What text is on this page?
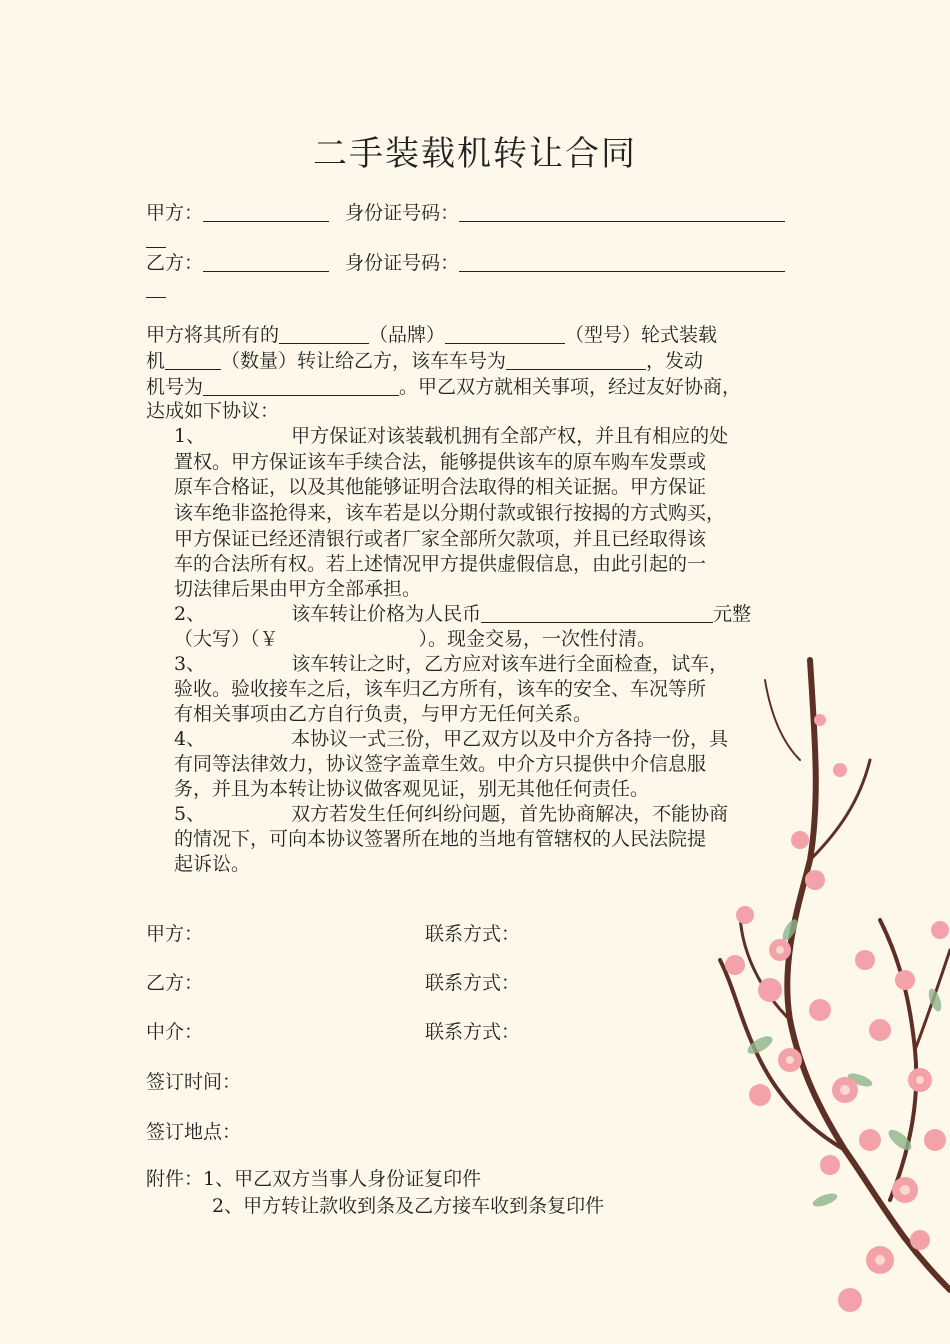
二手装载机转让合同
甲方：	身份证号码：
乙方：	身份证号码：
甲方将其所有的	（品牌）	（型号）轮式装载
机	（数量）转让给乙方，该车车号为	，发动
机号为	。甲乙双方就相关事项，经过友好协商，
达成如下协议：
1、	甲方保证对该装载机拥有全部产权，并且有相应的处
置权。甲方保证该车手续合法，能够提供该车的原车购车发票或
原车合格证，以及其他能够证明合法取得的相关证据。甲方保证
该车绝非盗抢得来，该车若是以分期付款或银行按揭的方式购买，
甲方保证已经还清银行或者厂家全部所欠款项，并且已经取得该
车的合法所有权。若上述情况甲方提供虚假信息，由此引起的一
切法律后果由甲方全部承担。
2、	该车转让价格为人民币	元整
（大写）（￥	）。现金交易，一次性付清。
3、	该车转让之时，乙方应对该车进行全面检查，试车，
验收。验收接车之后，该车归乙方所有，该车的安全、车况等所
有相关事项由乙方自行负责，与甲方无任何关系。
4、	本协议一式三份，甲乙双方以及中介方各持一份，具
有同等法律效力，协议签字盖章生效。中介方只提供中介信息服
务，并且为本转让协议做客观见证，别无其他任何责任。
5、	双方若发生任何纠纷问题，首先协商解决，不能协商
的情况下，可向本协议签署所在地的当地有管辖权的人民法院提
起诉讼。
甲方：	联系方式：
乙方：	联系方式：
中介：	联系方式：
签订时间：
签订地点：
附件：1、甲乙双方当事人身份证复印件
2、甲方转让款收到条及乙方接车收到条复印件
